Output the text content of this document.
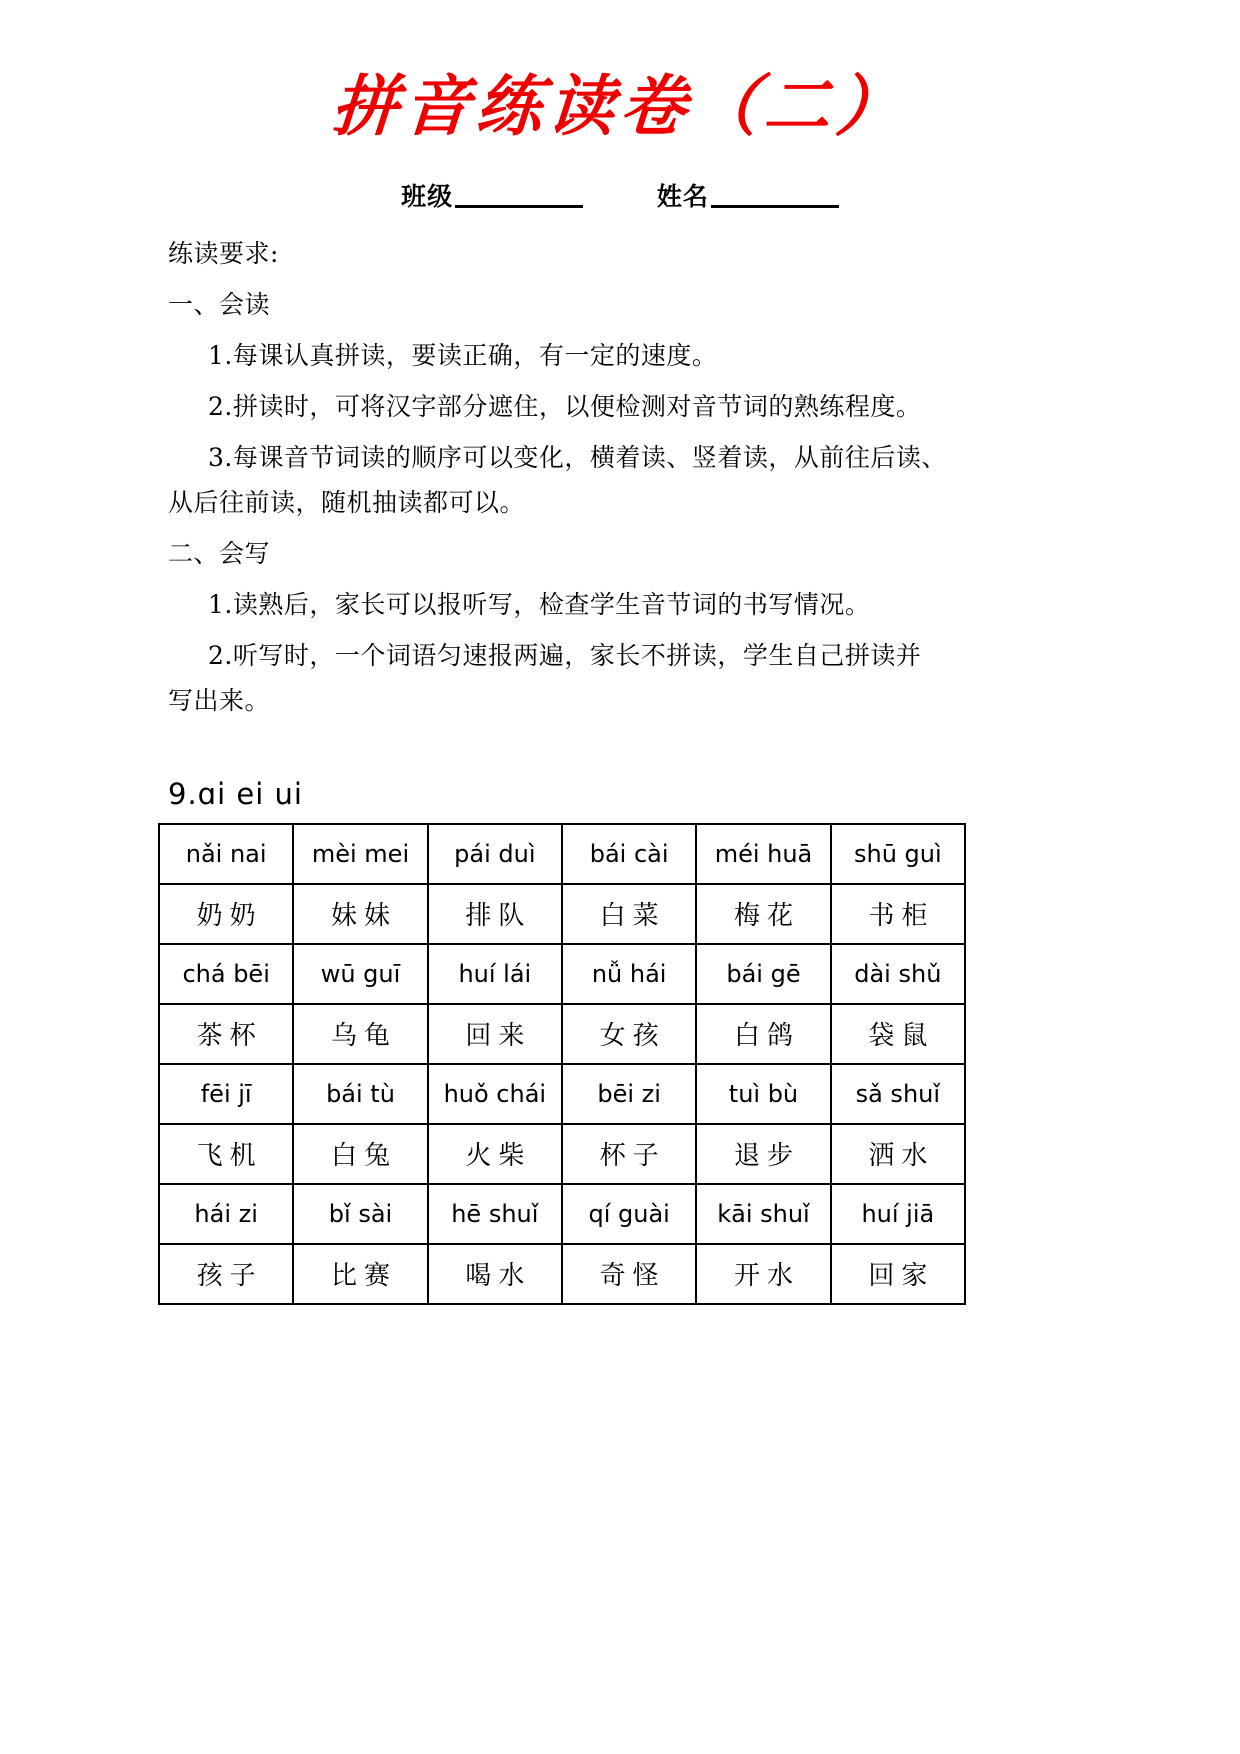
拼音练读卷（二）
班级	姓名
练读要求:
一、会读
1.每课认真拼读，要读正确，有一定的速度。
2.拼读时，可将汉字部分遮住，以便检测对音节词的熟练程度。
3.每课音节词读的顺序可以变化，横着读、竖着读，从前往后读、
从后往前读，随机抽读都可以。
二、会写
1.读熟后，家长可以报听写，检查学生音节词的书写情况。
2.听写时，一个词语匀速报两遍，家长不拼读，学生自己拼读并
写出来。
9.ɑi ei ui
nǎi nai	mèi mei	pái duì	bái cài	méi huā	shū guì
奶奶	妹妹	排队	白菜	梅花	书柜
chá bēi	wū guī	huí lái	nǚ hái	bái gē	dài shǔ
茶杯	乌龟	回来	女孩	白鸽	袋鼠
fēi jī	bái tù	huǒ chái	bēi zi	tuì bù	sǎ shuǐ
飞机	白兔	火柴	杯子	退步	洒水
hái zi	bǐ sài	hē shuǐ	qí guài	kāi shuǐ	huí jiā
孩子	比赛	喝水	奇怪	开水	回家
